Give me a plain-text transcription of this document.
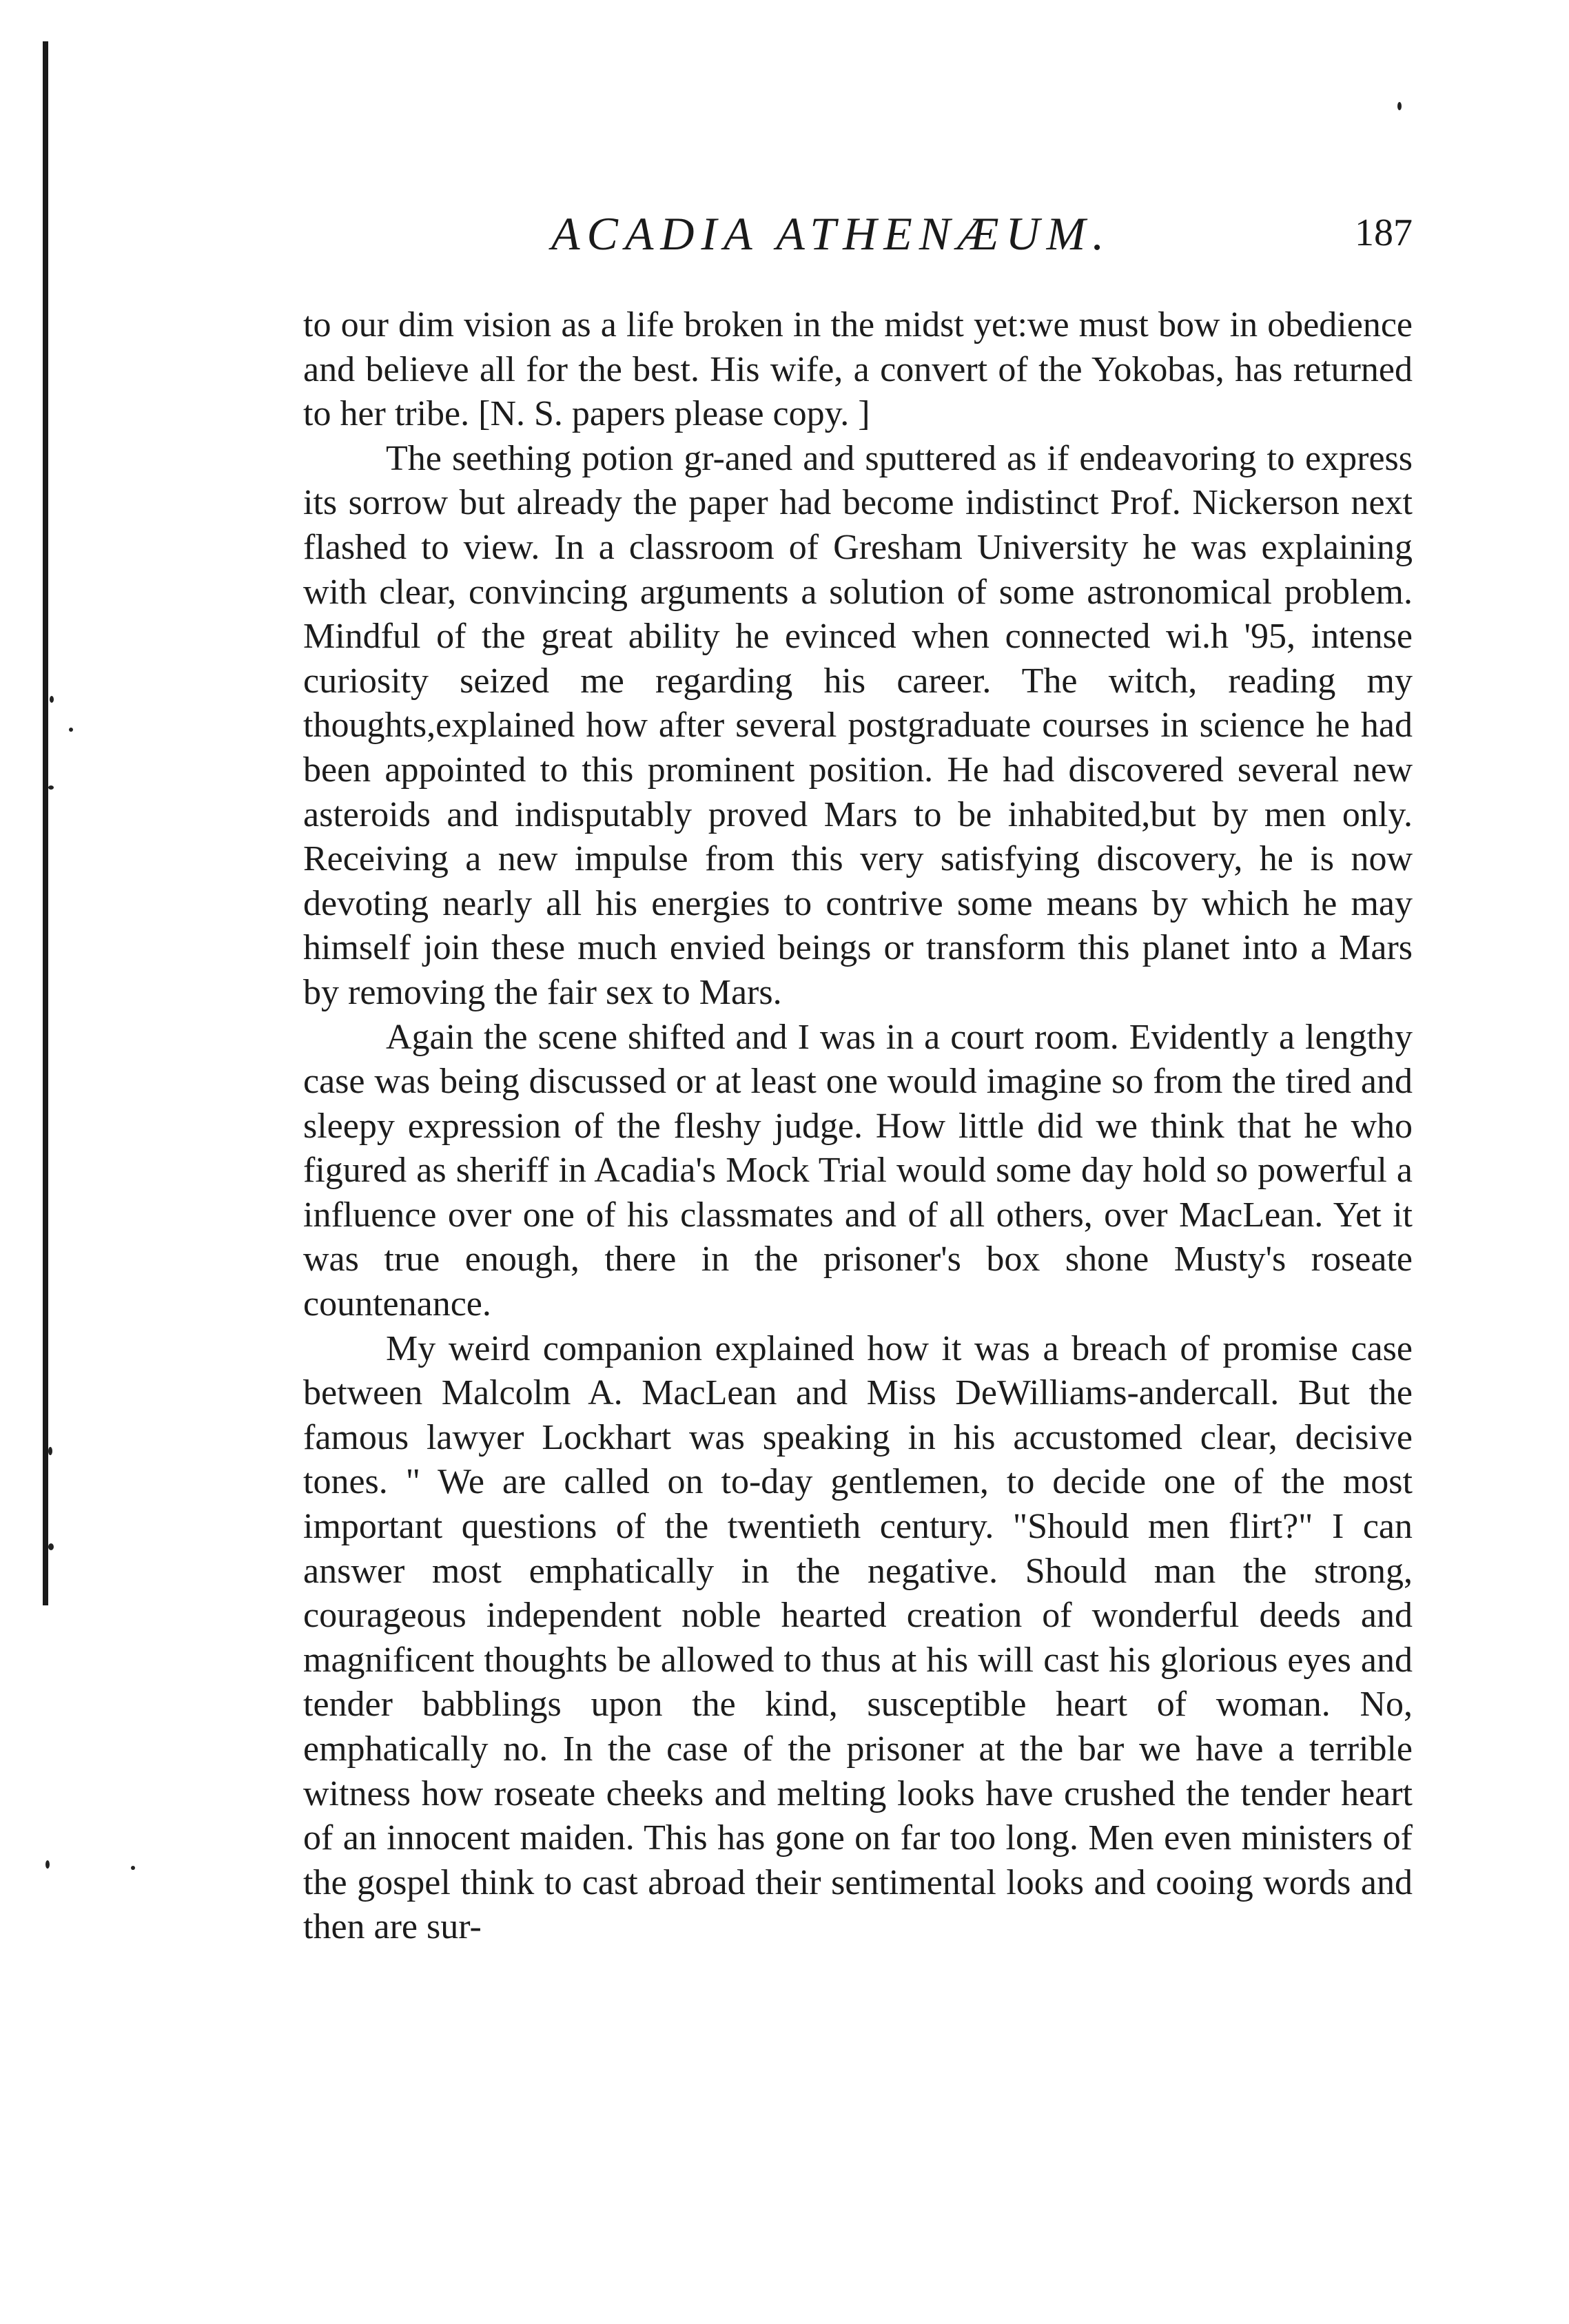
ACADIA ATHENÆUM.	187

to our dim vision as a life broken in the midst yet:we must bow in obedience and believe all for the best. His wife, a convert of the Yokobas, has returned to her tribe. [N. S. papers please copy. ]

The seething potion gr-aned and sputtered as if endeavoring to express its sorrow but already the paper had become indistinct Prof. Nickerson next flashed to view. In a classroom of Gresham University he was explaining with clear, convincing arguments a solution of some astronomical problem. Mindful of the great ability he evinced when connected wi.h '95, intense curiosity seized me regarding his career. The witch, reading my thoughts,explained how after several postgraduate courses in science he had been appointed to this prominent position. He had discovered several new asteroids and indisputably proved Mars to be inhabited,but by men only. Receiving a new impulse from this very satisfying discovery, he is now devoting nearly all his energies to contrive some means by which he may himself join these much envied beings or transform this planet into a Mars by removing the fair sex to Mars.

Again the scene shifted and I was in a court room. Evidently a lengthy case was being discussed or at least one would imagine so from the tired and sleepy expression of the fleshy judge. How little did we think that he who figured as sheriff in Acadia's Mock Trial would some day hold so powerful a influence over one of his classmates and of all others, over MacLean. Yet it was true enough, there in the prisoner's box shone Musty's roseate countenance.

My weird companion explained how it was a breach of promise case between Malcolm A. MacLean and Miss DeWilliams-andercall. But the famous lawyer Lockhart was speaking in his accustomed clear, decisive tones. " We are called on to-day gentlemen, to decide one of the most important questions of the twentieth century. "Should men flirt?" I can answer most emphatically in the negative. Should man the strong, courageous independent noble hearted creation of wonderful deeds and magnificent thoughts be allowed to thus at his will cast his glorious eyes and tender babblings upon the kind, susceptible heart of woman. No, emphatically no. In the case of the prisoner at the bar we have a terrible witness how roseate cheeks and melting looks have crushed the tender heart of an innocent maiden. This has gone on far too long. Men even ministers of the gospel think to cast abroad their sentimental looks and cooing words and then are sur-
